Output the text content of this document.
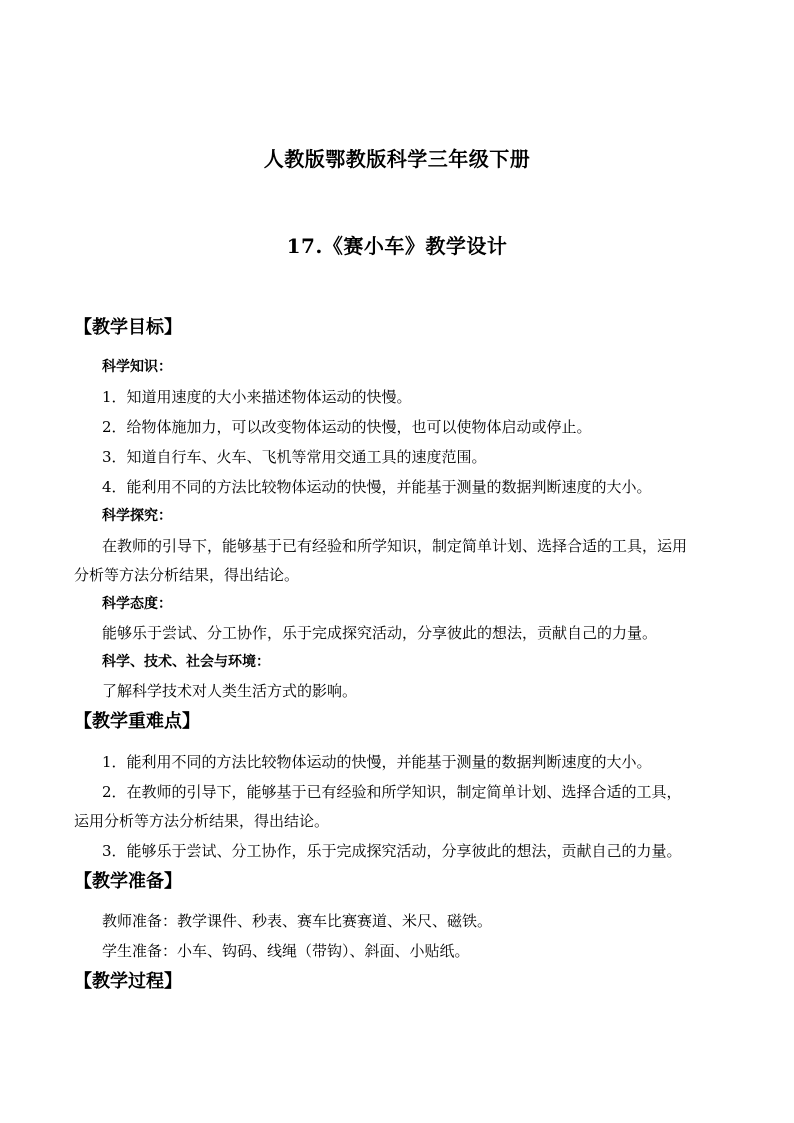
人教版鄂教版科学三年级下册
17.《赛小车》教学设计
【教学目标】
科学知识：
1．知道用速度的大小来描述物体运动的快慢。
2．给物体施加力，可以改变物体运动的快慢，也可以使物体启动或停止。
3．知道自行车、火车、飞机等常用交通工具的速度范围。
4．能利用不同的方法比较物体运动的快慢，并能基于测量的数据判断速度的大小。
科学探究：
在教师的引导下，能够基于已有经验和所学知识，制定简单计划、选择合适的工具，运用
分析等方法分析结果，得出结论。
科学态度：
能够乐于尝试、分工协作，乐于完成探究活动，分享彼此的想法，贡献自己的力量。
科学、技术、社会与环境：
了解科学技术对人类生活方式的影响。
【教学重难点】
1．能利用不同的方法比较物体运动的快慢，并能基于测量的数据判断速度的大小。
2．在教师的引导下，能够基于已有经验和所学知识，制定简单计划、选择合适的工具，
运用分析等方法分析结果，得出结论。
3．能够乐于尝试、分工协作，乐于完成探究活动，分享彼此的想法，贡献自己的力量。
【教学准备】
教师准备：教学课件、秒表、赛车比赛赛道、米尺、磁铁。
学生准备：小车、钩码、线绳（带钩）、斜面、小贴纸。
【教学过程】
